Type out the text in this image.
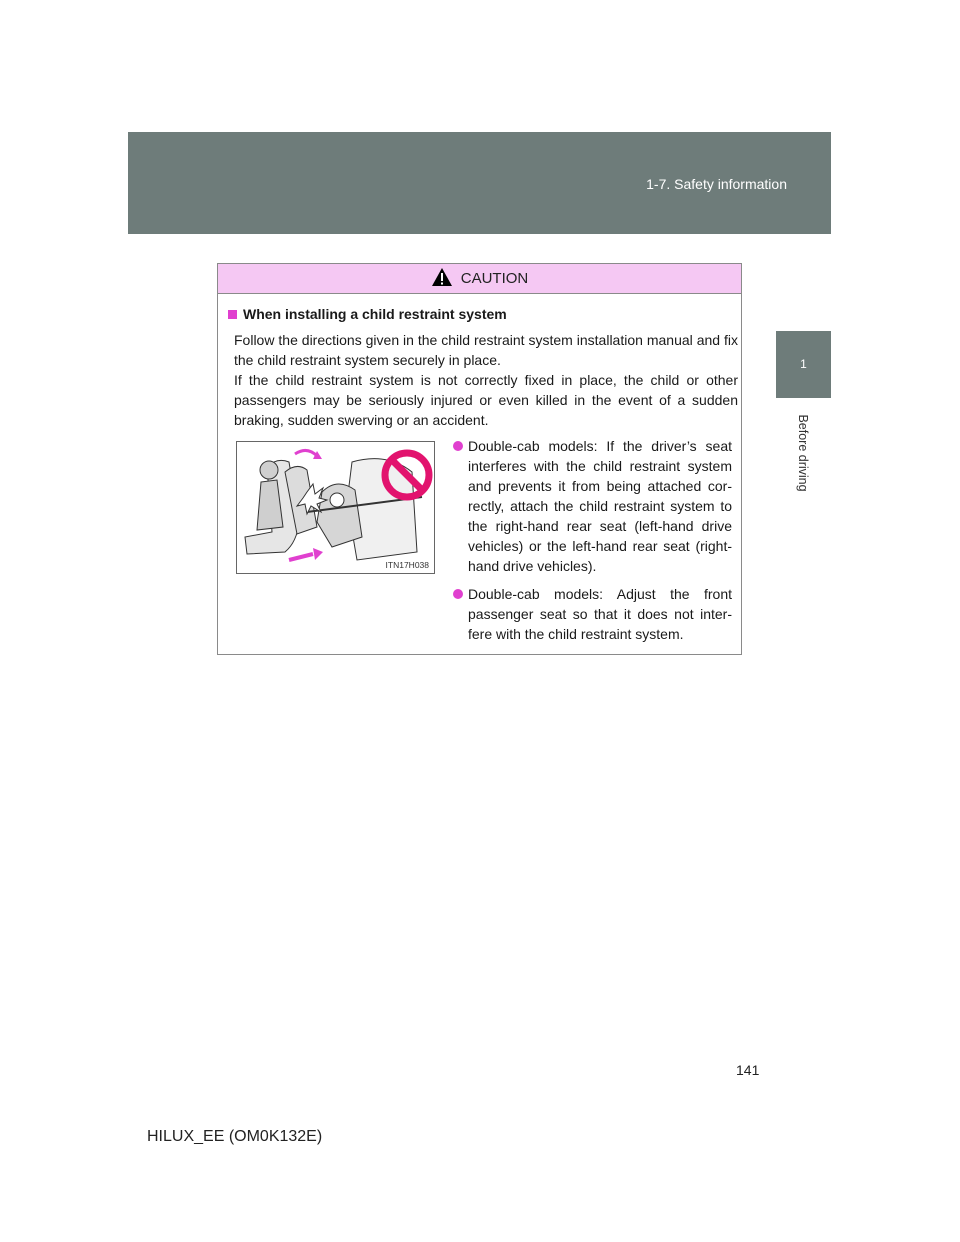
1-7. Safety information
1
Before driving
CAUTION
When installing a child restraint system

Follow the directions given in the child restraint system installation manual and fix the child restraint system securely in place.

If the child restraint system is not correctly fixed in place, the child or other passengers may be seriously injured or even killed in the event of a sudden braking, sudden swerving or an accident.

ITN17H038
Double-cab models: If the driver’s seat interferes with the child restraint system and prevents it from being attached cor-rectly, attach the child restraint system to the right-hand rear seat (left-hand drive vehicles) or the left-hand rear seat (right-hand drive vehicles).
Double-cab models: Adjust the front passenger seat so that it does not inter-fere with the child restraint system.
141
HILUX_EE (OM0K132E)
